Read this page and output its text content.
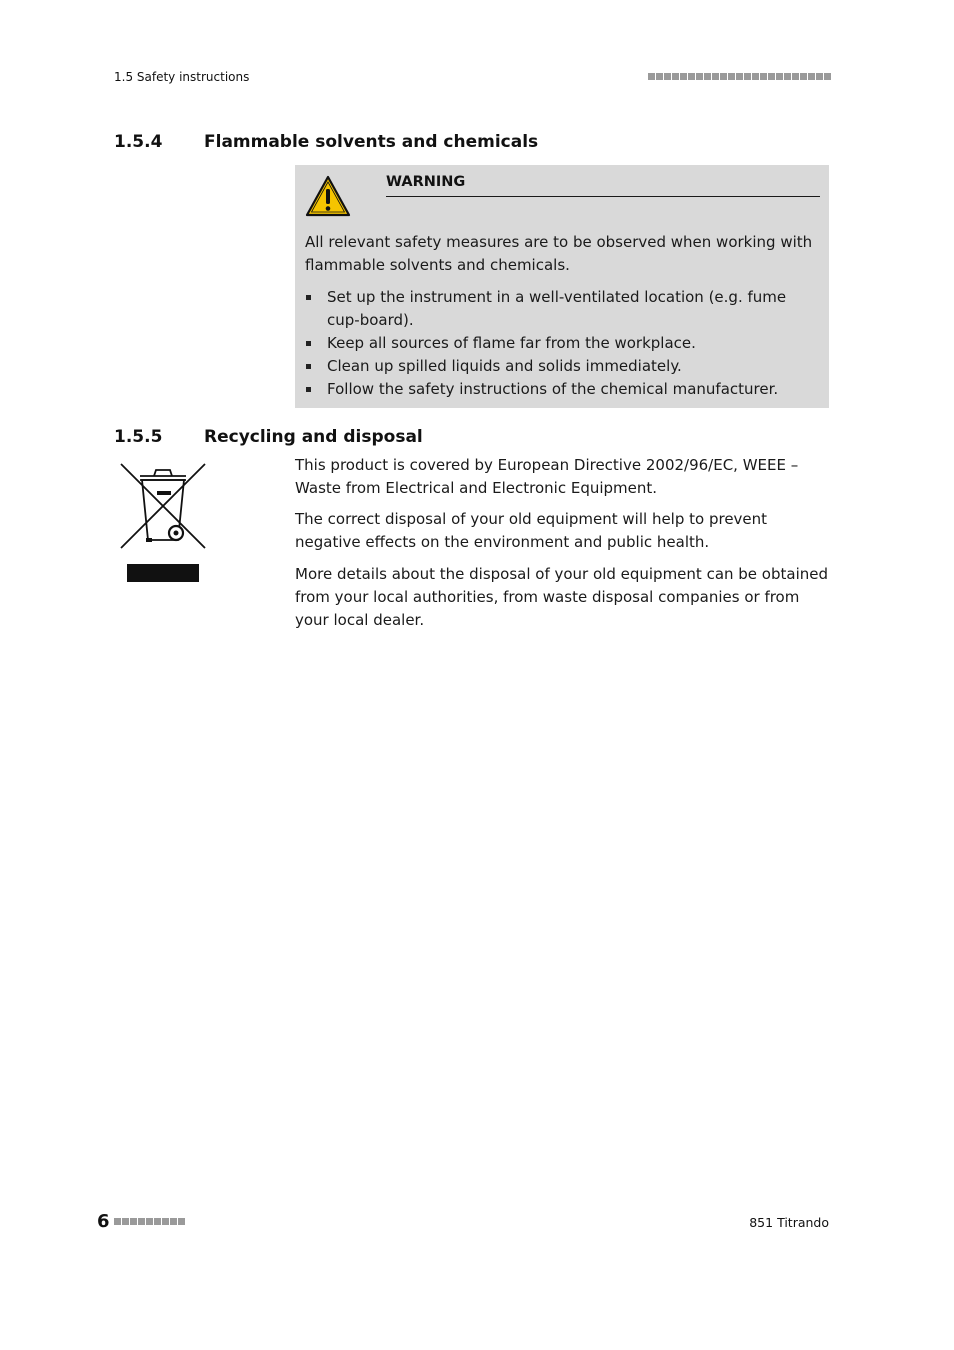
1.5 Safety instructions
1.5.4 Flammable solvents and chemicals
WARNING
All relevant safety measures are to be observed when working with flammable solvents and chemicals.
Set up the instrument in a well-ventilated location (e.g. fume cup-board).
Keep all sources of flame far from the workplace.
Clean up spilled liquids and solids immediately.
Follow the safety instructions of the chemical manufacturer.
1.5.5 Recycling and disposal
This product is covered by European Directive 2002/96/EC, WEEE – Waste from Electrical and Electronic Equipment.
The correct disposal of your old equipment will help to prevent negative effects on the environment and public health.
More details about the disposal of your old equipment can be obtained from your local authorities, from waste disposal companies or from your local dealer.
6	851 Titrando
